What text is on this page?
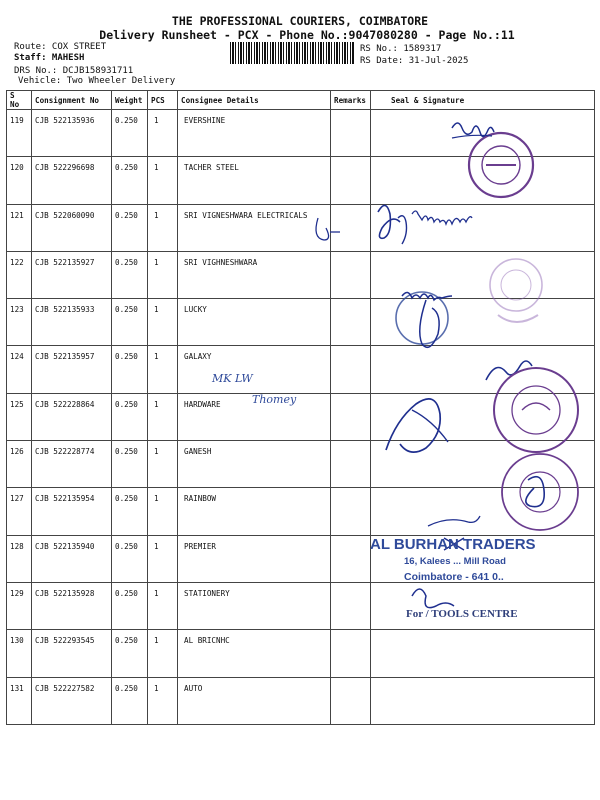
THE PROFESSIONAL COURIERS, COIMBATORE
Delivery Runsheet - PCX - Phone No.:9047080280 - Page No.:11
Route: COX STREET
Staff: MAHESH
DRS No.: DCJB158931711
Vehicle: Two Wheeler Delivery
RS No.: 1589317
RS Date: 31-Jul-2025
S No	Consignment No	Weight	PCS	Consignee Details	Remarks	Seal & Signature
119	CJB 522135936	0.250	1	EVERSHINE		
120	CJB 522296698	0.250	1	TACHER STEEL		
121	CJB 522060090	0.250	1	SRI VIGNESHWARA ELECTRICALS		
122	CJB 522135927	0.250	1	SRI VIGHNESHWARA		
123	CJB 522135933	0.250	1	LUCKY		
124	CJB 522135957	0.250	1	GALAXY		
125	CJB 522228864	0.250	1	HARDWARE		
126	CJB 522228774	0.250	1	GANESH		
127	CJB 522135954	0.250	1	RAINBOW		
128	CJB 522135940	0.250	1	PREMIER		
129	CJB 522135928	0.250	1	STATIONERY		
130	CJB 522293545	0.250	1	AL BRICNHC		
131	CJB 522227582	0.250	1	AUTO		
AL BURHAN TRADERS
16, Kalees ... Mill Road
Coimbatore - 641 0..
For / TOOLS CENTRE
MK LW
Thomey
